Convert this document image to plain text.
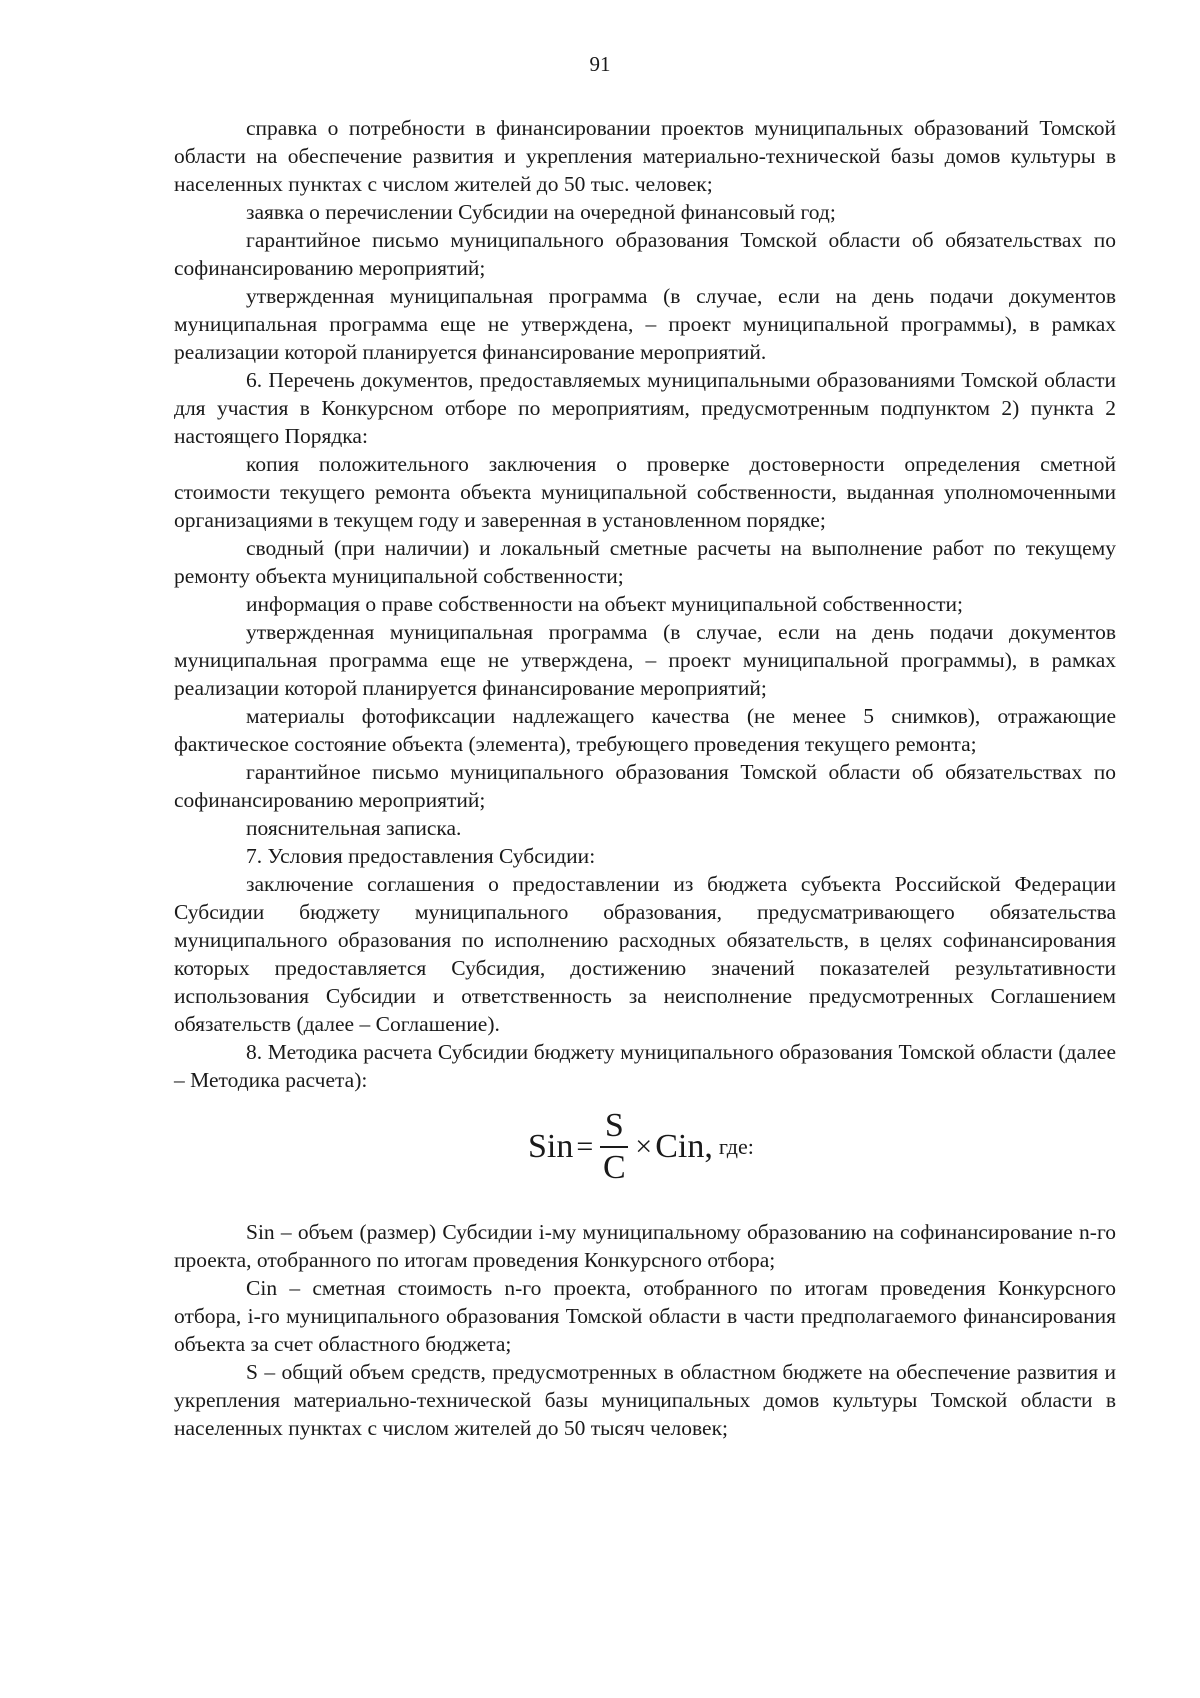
91

справка о потребности в финансировании проектов муниципальных образований Томской области на обеспечение развития и укрепления материально-технической базы домов культуры в населенных пунктах с числом жителей до 50 тыс. человек;

заявка о перечислении Субсидии на очередной финансовый год;

гарантийное письмо муниципального образования Томской области об обязательствах по софинансированию мероприятий;

утвержденная муниципальная программа (в случае, если на день подачи документов муниципальная программа еще не утверждена, – проект муниципальной программы), в рамках реализации которой планируется финансирование мероприятий.

6. Перечень документов, предоставляемых муниципальными образованиями Томской области для участия в Конкурсном отборе по мероприятиям, предусмотренным подпунктом 2) пункта 2 настоящего Порядка:

копия положительного заключения о проверке достоверности определения сметной стоимости текущего ремонта объекта муниципальной собственности, выданная уполномоченными организациями в текущем году и заверенная в установленном порядке;

сводный (при наличии) и локальный сметные расчеты на выполнение работ по текущему ремонту объекта муниципальной собственности;

информация о праве собственности на объект муниципальной собственности;

утвержденная муниципальная программа (в случае, если на день подачи документов муниципальная программа еще не утверждена, – проект муниципальной программы), в рамках реализации которой планируется финансирование мероприятий;

материалы фотофиксации надлежащего качества (не менее 5 снимков), отражающие фактическое состояние объекта (элемента), требующего проведения текущего ремонта;

гарантийное письмо муниципального образования Томской области об обязательствах по софинансированию мероприятий;

пояснительная записка.

7. Условия предоставления Субсидии:

заключение соглашения о предоставлении из бюджета субъекта Российской Федерации Субсидии бюджету муниципального образования, предусматривающего обязательства муниципального образования по исполнению расходных обязательств, в целях софинансирования которых предоставляется Субсидия, достижению значений показателей результативности использования Субсидии и ответственность за неисполнение предусмотренных Соглашением обязательств (далее – Соглашение).

8. Методика расчета Субсидии бюджету муниципального образования Томской области (далее – Методика расчета):

Sin = $\frac{S}{C}$ × Cin, где:

Sin – объем (размер) Субсидии i-му муниципальному образованию на софинансирование n-го проекта, отобранного по итогам проведения Конкурсного отбора;

Cin – сметная стоимость n-го проекта, отобранного по итогам проведения Конкурсного отбора, i-го муниципального образования Томской области в части предполагаемого финансирования объекта за счет областного бюджета;

S – общий объем средств, предусмотренных в областном бюджете на обеспечение развития и укрепления материально-технической базы муниципальных домов культуры Томской области в населенных пунктах с числом жителей до 50 тысяч человек;
